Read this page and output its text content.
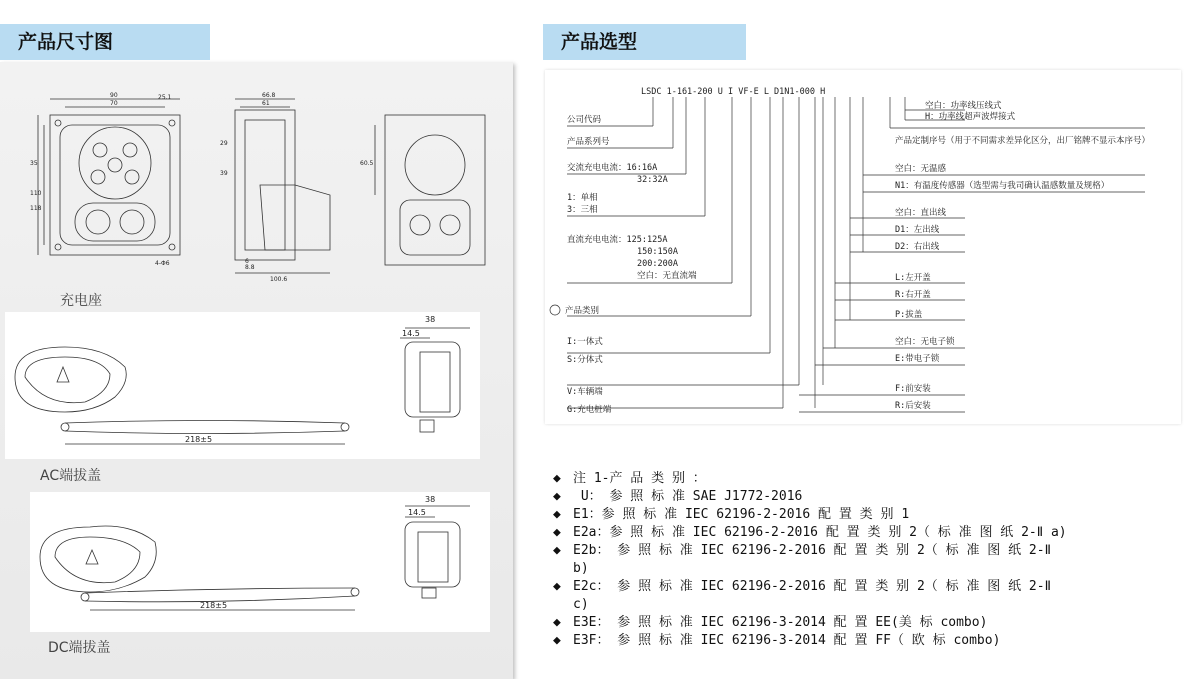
产品尺寸图
90
70
35
110
118
25.1
4-Φ6
66.8
61
29
39
6
8.8
100.6
60.5
充电座
38
14.5
218±5
AC端拔盖
38
14.5
218±5
DC端拔盖
产品选型
LSDC 1-161-200 U I VF-E L D1N1-000 H
空白：功率线压线式
H：功率线超声波焊接式
公司代码
产品系列号	产品定制序号（用于不同需求差异化区分，出厂铭牌不显示本序号）
交流充电电流：16:16A
32:32A
空白：无温感
N1：有温度传感器（选型需与我司确认温感数量及规格）
1：单相
3：三相	空白：直出线
D1：左出线
D2：右出线
直流充电电流：125:125A
150:150A
200:200A
空白：无直流端	L:左开盖
R:右开盖
P:拔盖
产品类别
空白：无电子锁
E:带电子锁
I:一体式
S:分体式
F:前安装
R:后安装
V:车辆端
G:充电桩端
◆ 注 1-产 品 类 别 ：
◆ U： 参 照 标 准 SAE J1772-2016
◆ E1：参 照 标 准 IEC 62196-2-2016 配 置 类 别 1
◆ E2a：参 照 标 准 IEC 62196-2-2016 配 置 类 别 2（ 标 准 图 纸 2-Ⅱ a)
◆ E2b： 参 照 标 准 IEC 62196-2-2016 配 置 类 别 2（ 标 准 图 纸 2-Ⅱ
b)
◆ E2c： 参 照 标 准 IEC 62196-2-2016 配 置 类 别 2（ 标 准 图 纸 2-Ⅱ
c)
◆ E3E： 参 照 标 准 IEC 62196-3-2014 配 置 EE(美 标 combo)
◆ E3F： 参 照 标 准 IEC 62196-3-2014 配 置 FF（ 欧 标 combo)
